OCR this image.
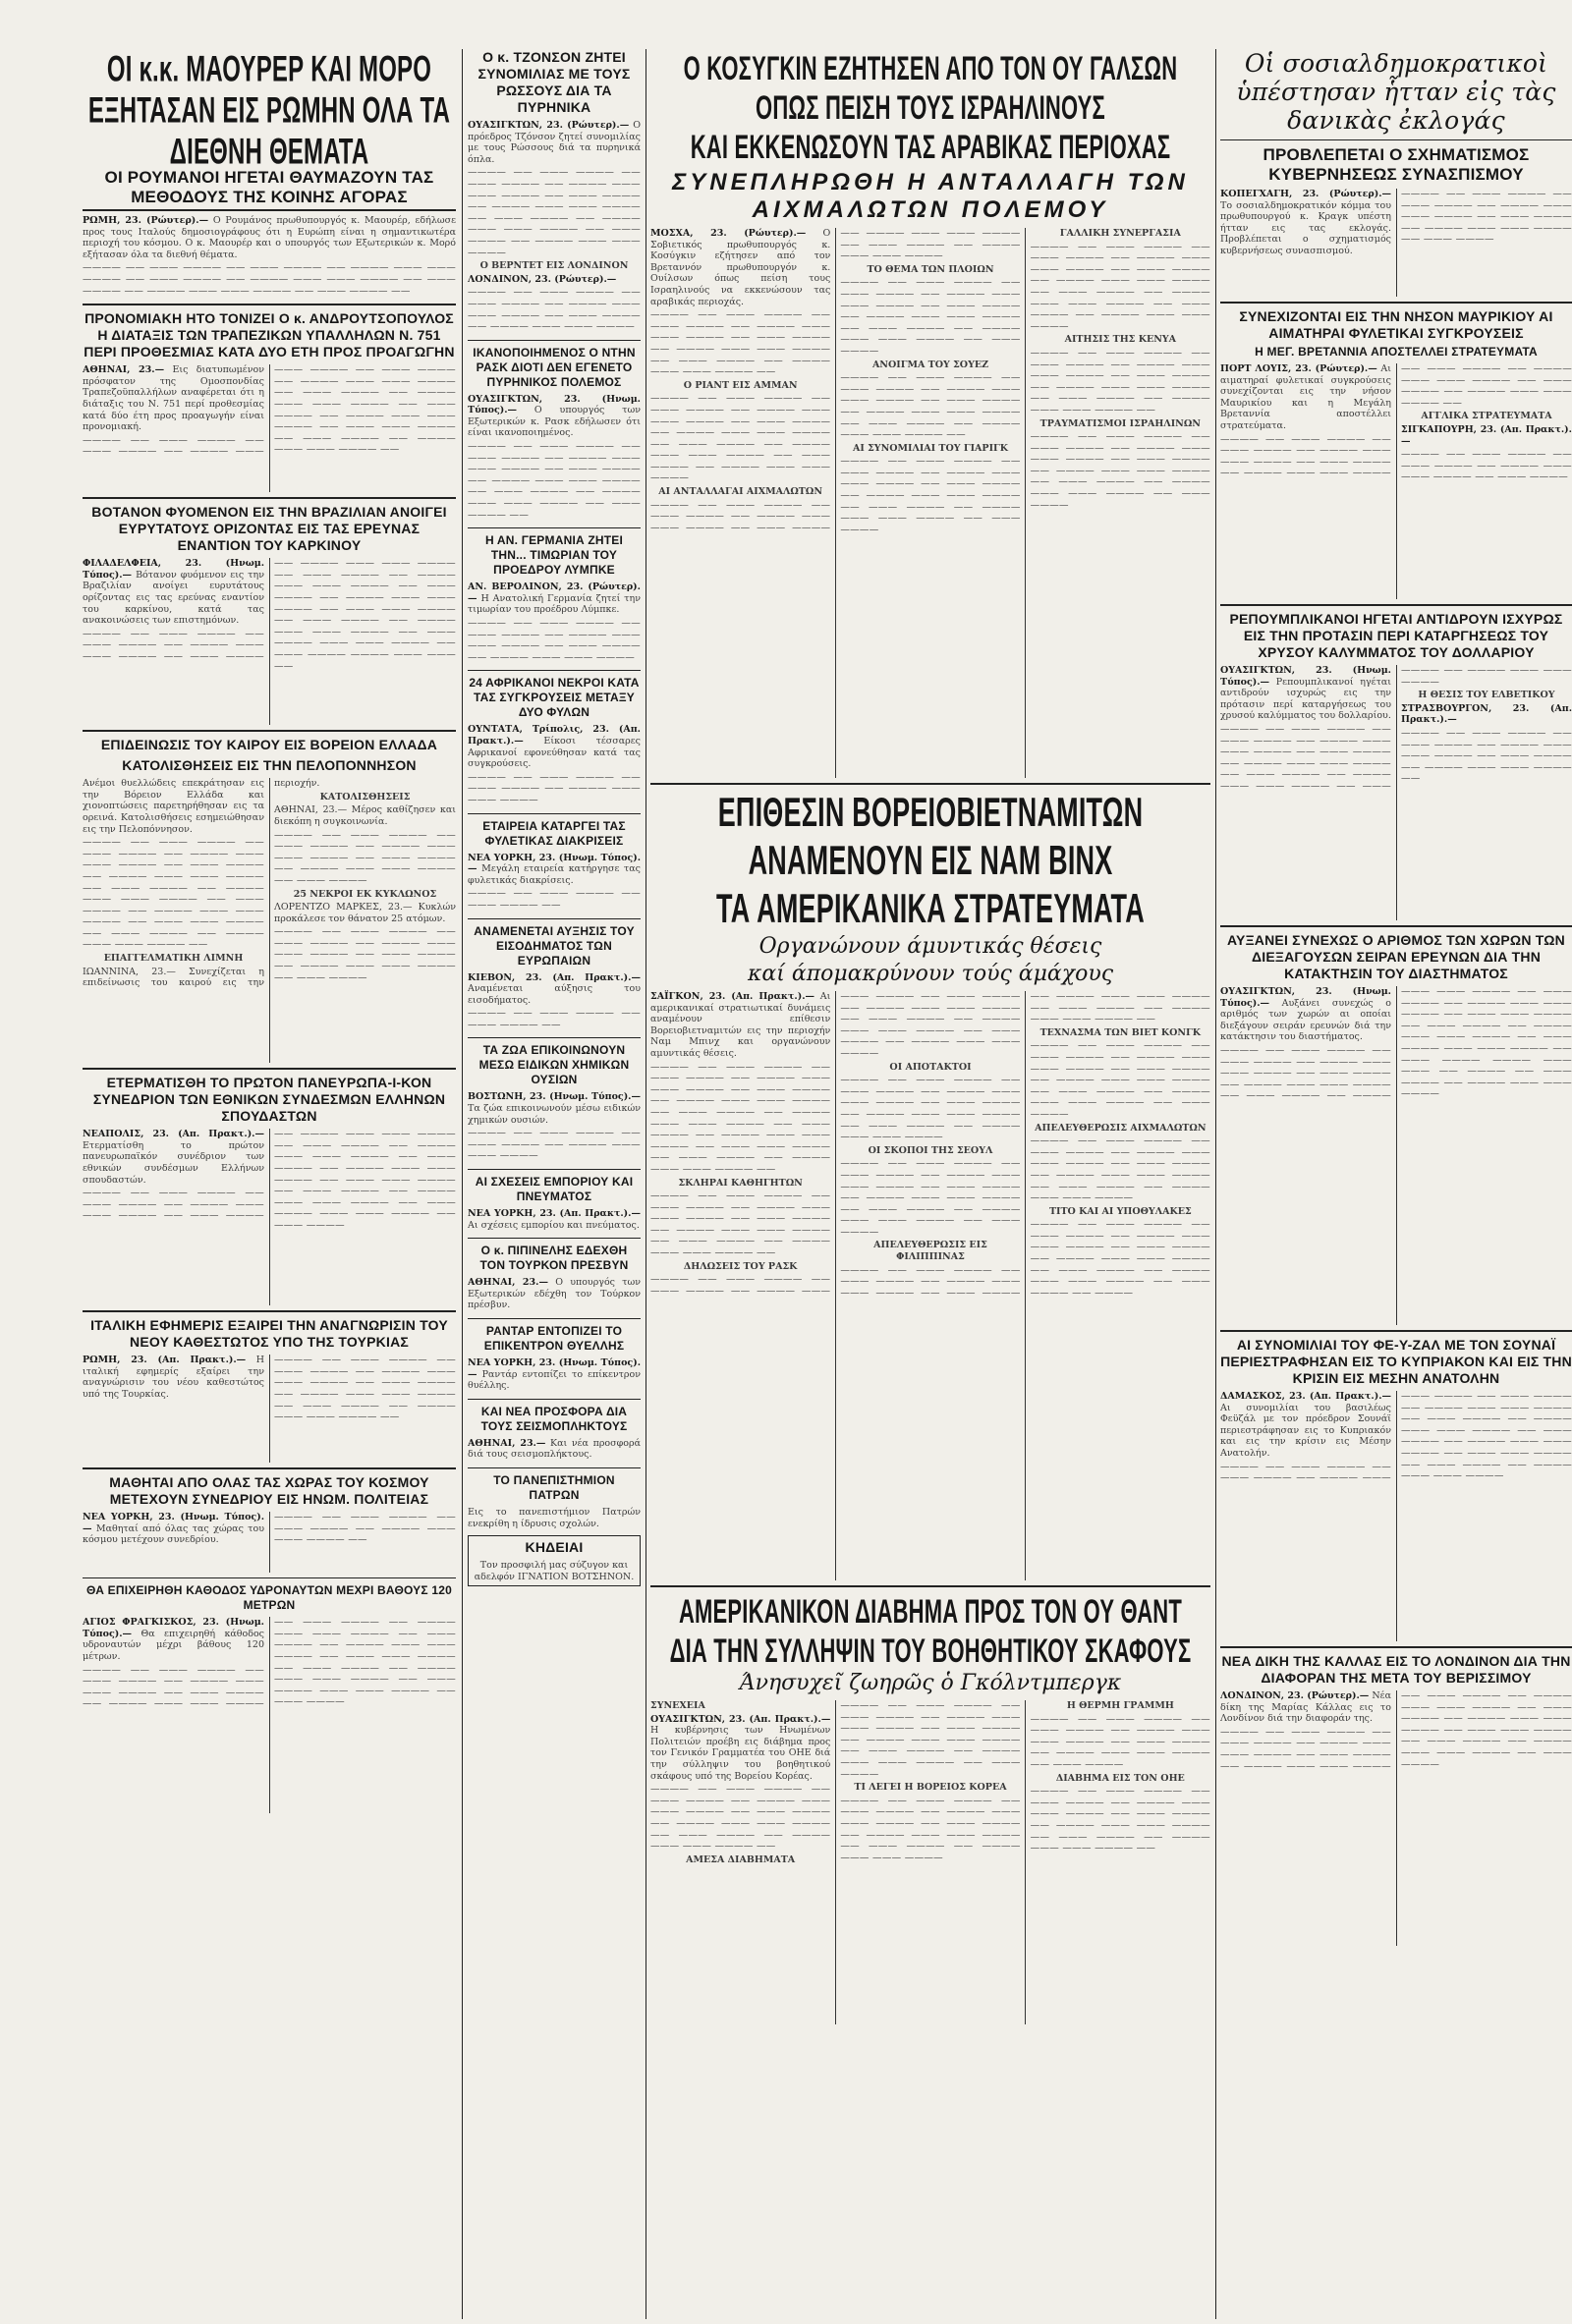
ΟΙ κ.κ. ΜΑΟΥΡΕΡ ΚΑΙ ΜΟΡΟ ΕΞΗΤΑΣΑΝ ΕΙΣ ΡΩΜΗΝ ΟΛΑ ΤΑ ΔΙΕΘΝΗ ΘΕΜΑΤΑ
ΟΙ ΡΟΥΜΑΝΟΙ ΗΓΕΤΑΙ ΘΑΥΜΑΖΟΥΝ ΤΑΣ ΜΕΘΟΔΟΥΣ ΤΗΣ ΚΟΙΝΗΣ ΑΓΟΡΑΣ

ΡΩΜΗ, 23. (Ρώυτερ).— Ο Ρουμάνος πρωθυπουργός κ. Μαουρέρ, εδήλωσε προς τους Ιταλούς δημοσιογράφους ότι η Ευρώπη είναι η σημαντικωτέρα περιοχή του κόσμου. Ο κ. Μαουρέρ και ο υπουργός των Εξωτερικών κ. Μορό εξήτασαν όλα τα διεθνή θέματα.

———— —— ——— ———— —— ——— ———— —— ———— ——— ——— ———— —— ——— ———— —— ———— ——— ——— ———— —— ——— ———— —— ———— ——— ——— ———— —— ——— ———— ——

ΠΡΟΝΟΜΙΑΚΗ ΗΤΟ ΤΟΝΙΖΕΙ Ο κ. ΑΝΔΡΟΥΤΣΟΠΟΥΛΟΣ Η ΔΙΑΤΑΞΙΣ ΤΩΝ ΤΡΑΠΕΖΙΚΩΝ ΥΠΑΛΛΗΛΩΝ Ν. 751 ΠΕΡΙ ΠΡΟΘΕΣΜΙΑΣ ΚΑΤΑ ΔΥΟ ΕΤΗ ΠΡΟΣ ΠΡΟΑΓΩΓΗΝ

ΑΘΗΝΑΙ, 23.— Εις διατυπωμένον πρόσφατον της Ομοσπονδίας Τραπεζοϋπαλλήλων αναφέρεται ότι η διάταξις του Ν. 751 περί προθεσμίας κατά δύο έτη προς προαγωγήν είναι προνομιακή.

———— —— ——— ———— —— ——— ———— —— ———— ——— ——— ———— —— ——— ———— —— ———— ——— ——— ———— —— ——— ———— —— ———— ——— ——— ———— —— ——— ———— —— ———— ——— ——— ———— —— ——— ——— ———— —— ——— ———— —— ———— ——— ——— ———— ——

ΒΟΤΑΝΟΝ ΦΥΟΜΕΝΟΝ ΕΙΣ ΤΗΝ ΒΡΑΖΙΛΙΑΝ ΑΝΟΙΓΕΙ ΕΥΡΥΤΑΤΟΥΣ ΟΡΙΖΟΝΤΑΣ ΕΙΣ ΤΑΣ ΕΡΕΥΝΑΣ ΕΝΑΝΤΙΟΝ ΤΟΥ ΚΑΡΚΙΝΟΥ

ΦΙΛΑΔΕΛΦΕΙΑ, 23. (Ηνωμ. Τύπος).— Βότανον φυόμενον εις την Βραζιλίαν ανοίγει ευρυτάτους ορίζοντας εις τας ερεύνας εναντίον του καρκίνου, κατά τας ανακοινώσεις των επιστημόνων.

———— —— ——— ———— —— ——— ———— —— ———— ——— ——— ———— —— ——— ———— —— ———— ——— ——— ———— —— ——— ———— —— ———— ——— ——— ———— —— ——— ———— —— ———— ——— ——— ———— —— ——— ——— ———— —— ——— ———— —— ———— ——— ——— ———— —— ——— ———— ——— ——— ———— —— ——— ———— ———— ——— ——— ——

ΕΠΙΔΕΙΝΩΣΙΣ ΤΟΥ ΚΑΙΡΟΥ ΕΙΣ ΒΟΡΕΙΟΝ ΕΛΛΑΔΑ
ΚΑΤΟΛΙΣΘΗΣΕΙΣ ΕΙΣ ΤΗΝ ΠΕΛΟΠΟΝΝΗΣΟΝ

Ανέμοι θυελλώδεις επεκράτησαν εις την Βόρειον Ελλάδα και χιονοπτώσεις παρετηρήθησαν εις τα ορεινά. Κατολισθήσεις εσημειώθησαν εις την Πελοπόννησον.

———— —— ——— ———— —— ——— ———— —— ———— ——— ——— ———— —— ——— ———— —— ———— ——— ——— ———— —— ——— ———— —— ———— ——— ——— ———— —— ——— ———— —— ———— ——— ——— ———— —— ——— ——— ———— —— ——— ———— —— ———— ——— ——— ———— ——

ΕΠΑΓΓΕΛΜΑΤΙΚΗ ΛΙΜΝΗ

ΙΩΑΝΝΙΝΑ, 23.— Συνεχίζεται η επιδείνωσις του καιρού εις την περιοχήν.

ΚΑΤΟΛΙΣΘΗΣΕΙΣ

ΑΘΗΝΑΙ, 23.— Μέρος καθίζησεν και διεκόπη η συγκοινωνία.

———— —— ——— ———— —— ——— ———— —— ———— ——— ——— ———— —— ——— ———— —— ———— ——— ——— ———— —— ——— ————

25 ΝΕΚΡΟΙ ΕΚ ΚΥΚΛΩΝΟΣ

ΛΟΡΕΝΤΖΟ ΜΑΡΚΕΣ, 23.— Κυκλών προκάλεσε τον θάνατον 25 ατόμων.

———— —— ——— ———— —— ——— ———— —— ———— ——— ——— ———— —— ——— ———— —— ———— ——— ——— ———— —— ——— ————

ΕΤΕΡΜΑΤΙΣΘΗ ΤΟ ΠΡΩΤΟΝ ΠΑΝΕΥΡΩΠΑ-Ι-ΚΟΝ ΣΥΝΕΔΡΙΟΝ ΤΩΝ ΕΘΝΙΚΩΝ ΣΥΝΔΕΣΜΩΝ ΕΛΛΗΝΩΝ ΣΠΟΥΔΑΣΤΩΝ

ΝΕΑΠΟΛΙΣ, 23. (Απ. Πρακτ.).— Ετερματίσθη το πρώτον πανευρωπαϊκόν συνέδριον των εθνικών συνδέσμων Ελλήνων σπουδαστών.

———— —— ——— ———— —— ——— ———— —— ———— ——— ——— ———— —— ——— ———— —— ———— ——— ——— ———— —— ——— ———— —— ———— ——— ——— ———— —— ——— ———— —— ———— ——— ——— ———— —— ——— ——— ———— —— ——— ———— —— ———— ——— ——— ———— —— ——— ———— ——— ——— ———— —— ——— ————

ΙΤΑΛΙΚΗ ΕΦΗΜΕΡΙΣ ΕΞΑΙΡΕΙ ΤΗΝ ΑΝΑΓΝΩΡΙΣΙΝ ΤΟΥ ΝΕΟΥ ΚΑΘΕΣΤΩΤΟΣ ΥΠΟ ΤΗΣ ΤΟΥΡΚΙΑΣ

ΡΩΜΗ, 23. (Απ. Πρακτ.).— Η ιταλική εφημερίς εξαίρει την αναγνώρισιν του νέου καθεστώτος υπό της Τουρκίας.

———— —— ——— ———— —— ——— ———— —— ———— ——— ——— ———— —— ——— ———— —— ———— ——— ——— ———— —— ——— ———— —— ———— ——— ——— ———— ——

ΜΑΘΗΤΑΙ ΑΠΟ ΟΛΑΣ ΤΑΣ ΧΩΡΑΣ ΤΟΥ ΚΟΣΜΟΥ ΜΕΤΕΧΟΥΝ ΣΥΝΕΔΡΙΟΥ ΕΙΣ ΗΝΩΜ. ΠΟΛΙΤΕΙΑΣ

ΝΕΑ ΥΟΡΚΗ, 23. (Ηνωμ. Τύπος).— Μαθηταί από όλας τας χώρας του κόσμου μετέχουν συνεδρίου.

———— —— ——— ———— —— ——— ———— —— ———— ——— ——— ———— ——

ΘΑ ΕΠΙΧΕΙΡΗΘΗ ΚΑΘΟΔΟΣ ΥΔΡΟΝΑΥΤΩΝ ΜΕΧΡΙ ΒΑΘΟΥΣ 120 ΜΕΤΡΩΝ

ΑΓΙΟΣ ΦΡΑΓΚΙΣΚΟΣ, 23. (Ηνωμ. Τύπος).— Θα επιχειρηθή κάθοδος υδροναυτών μέχρι βάθους 120 μέτρων.

———— —— ——— ———— —— ——— ———— —— ———— ——— ——— ———— —— ——— ———— —— ———— ——— ——— ———— —— ——— ———— —— ———— ——— ——— ———— —— ——— ———— —— ———— ——— ——— ———— —— ——— ——— ———— —— ——— ———— —— ———— ——— ——— ———— —— ——— ———— ——— ——— ———— —— ——— ————

Ο κ. ΤΖΟΝΣΟΝ ΖΗΤΕΙ ΣΥΝΟΜΙΛΙΑΣ ΜΕ ΤΟΥΣ ΡΩΣΣΟΥΣ ΔΙΑ ΤΑ ΠΥΡΗΝΙΚΑ

ΟΥΑΣΙΓΚΤΩΝ, 23. (Ρώυτερ).— Ο πρόεδρος Τζόνσον ζητεί συνομιλίας με τους Ρώσσους διά τα πυρηνικά όπλα.

———— —— ——— ———— —— ——— ———— —— ———— ——— ——— ———— —— ——— ———— —— ———— ——— ——— ———— —— ——— ———— —— ———— ——— ——— ———— —— ——— ———— —— ———— ——— ——— ————

Ο ΒΕΡΝΤΕΤ ΕΙΣ ΛΟΝΔΙΝΟΝ

ΛΟΝΔΙΝΟΝ, 23. (Ρώυτερ).—

———— —— ——— ———— —— ——— ———— —— ———— ——— ——— ———— —— ——— ———— —— ———— ——— ——— ————

ΙΚΑΝΟΠΟΙΗΜΕΝΟΣ Ο ΝΤΗΝ ΡΑΣΚ ΔΙΟΤΙ ΔΕΝ ΕΓΕΝΕΤΟ ΠΥΡΗΝΙΚΟΣ ΠΟΛΕΜΟΣ

ΟΥΑΣΙΓΚΤΩΝ, 23. (Ηνωμ. Τύπος).— Ο υπουργός των Εξωτερικών κ. Ρασκ εδήλωσεν ότι είναι ικανοποιημένος.

———— —— ——— ———— —— ——— ———— —— ———— ——— ——— ———— —— ——— ———— —— ———— ——— ——— ———— —— ——— ———— —— ———— ——— ——— ———— —— ——— ———— ——

Η ΑΝ. ΓΕΡΜΑΝΙΑ ΖΗΤΕΙ ΤΗΝ... ΤΙΜΩΡΙΑΝ ΤΟΥ ΠΡΟΕΔΡΟΥ ΛΥΜΠΚΕ

ΑΝ. ΒΕΡΟΛΙΝΟΝ, 23. (Ρώυτερ).— Η Ανατολική Γερμανία ζητεί την τιμωρίαν του προέδρου Λύμπκε.

———— —— ——— ———— —— ——— ———— —— ———— ——— ——— ———— —— ——— ———— —— ———— ——— ——— ————

24 ΑΦΡΙΚΑΝΟΙ ΝΕΚΡΟΙ ΚΑΤΑ ΤΑΣ ΣΥΓΚΡΟΥΣΕΙΣ ΜΕΤΑΞΥ ΔΥΟ ΦΥΛΩΝ

ΟΥΝΤΑΤΑ, Τρίπολις, 23. (Απ. Πρακτ.).— Είκοσι τέσσαρες Αφρικανοί εφονεύθησαν κατά τας συγκρούσεις.

———— —— ——— ———— —— ——— ———— —— ———— ——— ——— ————

ΕΤΑΙΡΕΙΑ ΚΑΤΑΡΓΕΙ ΤΑΣ ΦΥΛΕΤΙΚΑΣ ΔΙΑΚΡΙΣΕΙΣ

ΝΕΑ ΥΟΡΚΗ, 23. (Ηνωμ. Τύπος).— Μεγάλη εταιρεία κατήργησε τας φυλετικάς διακρίσεις.

———— —— ——— ———— —— ——— ———— ——

ΑΝΑΜΕΝΕΤΑΙ ΑΥΞΗΣΙΣ ΤΟΥ ΕΙΣΟΔΗΜΑΤΟΣ ΤΩΝ ΕΥΡΩΠΑΙΩΝ

ΚΙΕΒΟΝ, 23. (Απ. Πρακτ.).— Αναμένεται αύξησις του εισοδήματος.

———— —— ——— ———— —— ——— ———— ——

ΤΑ ΖΩΑ ΕΠΙΚΟΙΝΩΝΟΥΝ ΜΕΣΩ ΕΙΔΙΚΩΝ ΧΗΜΙΚΩΝ ΟΥΣΙΩΝ

ΒΟΣΤΩΝΗ, 23. (Ηνωμ. Τύπος).— Τα ζώα επικοινωνούν μέσω ειδικών χημικών ουσιών.

———— —— ——— ———— —— ——— ———— —— ———— ——— ——— ————

ΑΙ ΣΧΕΣΕΙΣ ΕΜΠΟΡΙΟΥ ΚΑΙ ΠΝΕΥΜΑΤΟΣ

ΝΕΑ ΥΟΡΚΗ, 23. (Απ. Πρακτ.).— Αι σχέσεις εμπορίου και πνεύματος.

Ο κ. ΠΙΠΙΝΕΛΗΣ ΕΔΕΧΘΗ ΤΟΝ ΤΟΥΡΚΟΝ ΠΡΕΣΒΥΝ

ΑΘΗΝΑΙ, 23.— Ο υπουργός των Εξωτερικών εδέχθη τον Τούρκον πρέσβυν.

ΡΑΝΤΑΡ ΕΝΤΟΠΙΖΕΙ ΤΟ ΕΠΙΚΕΝΤΡΟΝ ΘΥΕΛΛΗΣ

ΝΕΑ ΥΟΡΚΗ, 23. (Ηνωμ. Τύπος).— Ραντάρ εντοπίζει το επίκεντρον θυέλλης.

ΚΑΙ ΝΕΑ ΠΡΟΣΦΟΡΑ ΔΙΑ ΤΟΥΣ ΣΕΙΣΜΟΠΛΗΚΤΟΥΣ

ΑΘΗΝΑΙ, 23.— Και νέα προσφορά διά τους σεισμοπλήκτους.

ΤΟ ΠΑΝΕΠΙΣΤΗΜΙΟΝ ΠΑΤΡΩΝ

Εις το πανεπιστήμιον Πατρών ενεκρίθη η ίδρυσις σχολών.

ΚΗΔΕΙΑΙ
Τον προσφιλή μας σύζυγον και αδελφόν ΙΓΝΑΤΙΟΝ ΒΟΤΣΗΝΟΝ.
Ο ΚΟΣΥΓΚΙΝ ΕΖΗΤΗΣΕΝ ΑΠΟ ΤΟΝ ΟΥ ΓΑΛΣΩΝ
ΟΠΩΣ ΠΕΙΣΗ ΤΟΥΣ ΙΣΡΑΗΛΙΝΟΥΣ
ΚΑΙ ΕΚΚΕΝΩΣΟΥΝ ΤΑΣ ΑΡΑΒΙΚΑΣ ΠΕΡΙΟΧΑΣ
ΣΥΝΕΠΛΗΡΩΘΗ Η ΑΝΤΑΛΛΑΓΗ ΤΩΝ ΑΙΧΜΑΛΩΤΩΝ ΠΟΛΕΜΟΥ

ΜΟΣΧΑ, 23. (Ρώυτερ).— Ο Σοβιετικός πρωθυπουργός κ. Κοσύγκιν εζήτησεν από τον Βρεταννόν πρωθυπουργόν κ. Ουίλσων όπως πείση τους Ισραηλινούς να εκκενώσουν τας αραβικάς περιοχάς.

———— —— ——— ———— —— ——— ———— —— ———— ——— ——— ———— —— ——— ———— —— ———— ——— ——— ———— —— ——— ———— —— ———— ——— ——— ———— ——

Ο ΡΙΑΝΤ ΕΙΣ ΑΜΜΑΝ

———— —— ——— ———— —— ——— ———— —— ———— ——— ——— ———— —— ——— ———— —— ———— ——— ——— ———— —— ——— ———— —— ———— ——— ——— ———— —— ——— ———— —— ———— ——— ——— ————

ΑΙ ΑΝΤΑΛΛΑΓΑΙ ΑΙΧΜΑΛΩΤΩΝ

———— —— ——— ———— —— ——— ———— —— ———— ——— ——— ———— —— ——— ———— —— ———— ——— ——— ———— —— ——— ———— —— ———— ——— ——— ————

ΤΟ ΘΕΜΑ ΤΩΝ ΠΛΟΙΩΝ

———— —— ——— ———— —— ——— ———— —— ———— ——— ——— ———— —— ——— ———— —— ———— ——— ——— ———— —— ——— ———— —— ———— ——— ——— ———— —— ——— ————

ΑΝΟΙΓΜΑ ΤΟΥ ΣΟΥΕΖ

———— —— ——— ———— —— ——— ———— —— ———— ——— ——— ———— —— ——— ———— —— ———— ——— ——— ———— —— ——— ———— —— ———— ——— ——— ———— ——

ΑΙ ΣΥΝΟΜΙΛΙΑΙ ΤΟΥ ΓΙΑΡΙΓΚ

———— —— ——— ———— —— ——— ———— —— ———— ——— ——— ———— —— ——— ———— —— ———— ——— ——— ———— —— ——— ———— —— ———— ——— ——— ———— —— ——— ————

ΓΑΛΛΙΚΗ ΣΥΝΕΡΓΑΣΙΑ

———— —— ——— ———— —— ——— ———— —— ———— ——— ——— ———— —— ——— ———— —— ———— ——— ——— ———— —— ——— ———— —— ———— ——— ——— ———— —— ——— ———— —— ———— ——— ——— ————

ΑΙΤΗΣΙΣ ΤΗΣ ΚΕΝΥΑ

———— —— ——— ———— —— ——— ———— —— ———— ——— ——— ———— —— ——— ———— —— ———— ——— ——— ———— —— ——— ———— —— ———— ——— ——— ———— ——

ΤΡΑΥΜΑΤΙΣΜΟΙ ΙΣΡΑΗΛΙΝΩΝ

———— —— ——— ———— —— ——— ———— —— ———— ——— ——— ———— —— ——— ———— —— ———— ——— ——— ———— —— ——— ———— —— ———— ——— ——— ———— —— ——— ————

ΕΠΙΘΕΣΙΝ ΒΟΡΕΙΟΒΙΕΤΝΑΜΙΤΩΝ
ΑΝΑΜΕΝΟΥΝ ΕΙΣ ΝΑΜ ΒΙΝΧ
ΤΑ ΑΜΕΡΙΚΑΝΙΚΑ ΣΤΡΑΤΕΥΜΑΤΑ
Οργανώνουν άμυντικάς θέσεις
καί άπομακρύνουν τούς άμάχους

ΣΑΪΓΚΟΝ, 23. (Απ. Πρακτ.).— Αι αμερικανικαί στρατιωτικαί δυνάμεις αναμένουν επίθεσιν Βορειοβιετναμιτών εις την περιοχήν Ναμ Μπινχ και οργανώνουν αμυντικάς θέσεις.

———— —— ——— ———— —— ——— ———— —— ———— ——— ——— ———— —— ——— ———— —— ———— ——— ——— ———— —— ——— ———— —— ———— ——— ——— ———— —— ——— ———— —— ———— ——— ——— ———— —— ——— ——— ———— —— ——— ———— —— ———— ——— ——— ———— ——

ΣΚΛΗΡΑΙ ΚΑΘΗΓΗΤΩΝ

———— —— ——— ———— —— ——— ———— —— ———— ——— ——— ———— —— ——— ———— —— ———— ——— ——— ———— —— ——— ———— —— ———— ——— ——— ———— ——

ΔΗΛΩΣΕΙΣ ΤΟΥ ΡΑΣΚ

———— —— ——— ———— —— ——— ———— —— ———— ——— ——— ———— —— ——— ———— —— ———— ——— ——— ———— —— ——— ———— —— ———— ——— ——— ———— —— ——— ———— —— ———— ——— ——— ————

ΟΙ ΑΠΟΤΑΚΤΟΙ

———— —— ——— ———— —— ——— ———— —— ———— ——— ——— ———— —— ——— ———— —— ———— ——— ——— ———— —— ——— ———— —— ———— ——— ——— ————

ΟΙ ΣΚΟΠΟΙ ΤΗΣ ΣΕΟΥΛ

———— —— ——— ———— —— ——— ———— —— ———— ——— ——— ———— —— ——— ———— —— ———— ——— ——— ———— —— ——— ———— —— ———— ——— ——— ———— —— ——— ————

ΑΠΕΛΕΥΘΕΡΩΣΙΣ ΕΙΣ ΦΙΛΙΠΠΙΝΑΣ

———— —— ——— ———— —— ——— ———— —— ———— ——— ——— ———— —— ——— ———— —— ———— ——— ——— ———— —— ——— ———— —— ———— ——— ——— ———— ——

ΤΕΧΝΑΣΜΑ ΤΩΝ ΒΙΕΤ ΚΟΝΓΚ

———— —— ——— ———— —— ——— ———— —— ———— ——— ——— ———— —— ——— ———— —— ———— ——— ——— ———— —— ——— ———— —— ———— ——— ——— ———— —— ——— ————

ΑΠΕΛΕΥΘΕΡΩΣΙΣ ΑΙΧΜΑΛΩΤΩΝ

———— —— ——— ———— —— ——— ———— —— ———— ——— ——— ———— —— ——— ———— —— ———— ——— ——— ———— —— ——— ———— —— ———— ——— ——— ————

ΤΙΤΟ ΚΑΙ ΑΙ ΥΠΟΘΥΛΑΚΕΣ

———— —— ——— ———— —— ——— ———— —— ———— ——— ——— ———— —— ——— ———— —— ———— ——— ——— ———— —— ——— ———— —— ———— ——— ——— ———— —— ——— ———— —— ————

ΑΜΕΡΙΚΑΝΙΚΟΝ ΔΙΑΒΗΜΑ ΠΡΟΣ ΤΟΝ ΟΥ ΘΑΝΤ
ΔΙΑ ΤΗΝ ΣΥΛΛΗΨΙΝ ΤΟΥ ΒΟΗΘΗΤΙΚΟΥ ΣΚΑΦΟΥΣ
Άνησυχεῖ ζωηρῶς ὁ Γκόλντμπεργκ

ΣΥΝΕΧΕΙΑ

ΟΥΑΣΙΓΚΤΩΝ, 23. (Απ. Πρακτ.).— Η κυβέρνησις των Ηνωμένων Πολιτειών προέβη εις διάβημα προς τον Γενικόν Γραμματέα του ΟΗΕ διά την σύλληψιν του βοηθητικού σκάφους υπό της Βορείου Κορέας.

———— —— ——— ———— —— ——— ———— —— ———— ——— ——— ———— —— ——— ———— —— ———— ——— ——— ———— —— ——— ———— —— ———— ——— ——— ———— ——

ΑΜΕΣΑ ΔΙΑΒΗΜΑΤΑ

———— —— ——— ———— —— ——— ———— —— ———— ——— ——— ———— —— ——— ———— —— ———— ——— ——— ———— —— ——— ———— —— ———— ——— ——— ———— —— ——— ————

ΤΙ ΛΕΓΕΙ Η ΒΟΡΕΙΟΣ ΚΟΡΕΑ

———— —— ——— ———— —— ——— ———— —— ———— ——— ——— ———— —— ——— ———— —— ———— ——— ——— ———— —— ——— ———— —— ———— ——— ——— ————

Η ΘΕΡΜΗ ΓΡΑΜΜΗ

———— —— ——— ———— —— ——— ———— —— ———— ——— ——— ———— —— ——— ———— —— ———— ——— ——— ———— —— ——— ————

ΔΙΑΒΗΜΑ ΕΙΣ ΤΟΝ ΟΗΕ

———— —— ——— ———— —— ——— ———— —— ———— ——— ——— ———— —— ——— ———— —— ———— ——— ——— ———— —— ——— ———— —— ———— ——— ——— ———— ——

Οἱ σοσιαλδημοκρατικοὶ ὑπέστησαν ἧτταν εἰς τὰς δανικὰς ἐκλογάς
ΠΡΟΒΛΕΠΕΤΑΙ Ο ΣΧΗΜΑΤΙΣΜΟΣ ΚΥΒΕΡΝΗΣΕΩΣ ΣΥΝΑΣΠΙΣΜΟΥ

ΚΟΠΕΓΧΑΓΗ, 23. (Ρώυτερ).— Το σοσιαλδημοκρατικόν κόμμα του πρωθυπουργού κ. Κραγκ υπέστη ήτταν εις τας εκλογάς. Προβλέπεται ο σχηματισμός κυβερνήσεως συνασπισμού.

———— —— ——— ———— —— ——— ———— —— ———— ——— ——— ———— —— ——— ———— —— ———— ——— ——— ———— —— ——— ————

ΣΥΝΕΧΙΖΟΝΤΑΙ ΕΙΣ ΤΗΝ ΝΗΣΟΝ ΜΑΥΡΙΚΙΟΥ ΑΙ ΑΙΜΑΤΗΡΑΙ ΦΥΛΕΤΙΚΑΙ ΣΥΓΚΡΟΥΣΕΙΣ
Η ΜΕΓ. ΒΡΕΤΑΝΝΙΑ ΑΠΟΣΤΕΛΛΕΙ ΣΤΡΑΤΕΥΜΑΤΑ

ΠΟΡΤ ΛΟΥΙΣ, 23. (Ρώυτερ).— Αι αιματηραί φυλετικαί συγκρούσεις συνεχίζονται εις την νήσον Μαυρικίου και η Μεγάλη Βρεταννία αποστέλλει στρατεύματα.

———— —— ——— ———— —— ——— ———— —— ———— ——— ——— ———— —— ——— ———— —— ———— ——— ——— ———— —— ——— ———— —— ———— ——— ——— ———— —— ——— ———— —— ———— ——— ——— ———— ——

ΑΓΓΛΙΚΑ ΣΤΡΑΤΕΥΜΑΤΑ

ΣΙΓΚΑΠΟΥΡΗ, 23. (Απ. Πρακτ.).—

———— —— ——— ———— —— ——— ———— —— ———— ——— ——— ———— —— ——— ————

ΡΕΠΟΥΜΠΛΙΚΑΝΟΙ ΗΓΕΤΑΙ ΑΝΤΙΔΡΟΥΝ ΙΣΧΥΡΩΣ ΕΙΣ ΤΗΝ ΠΡΟΤΑΣΙΝ ΠΕΡΙ ΚΑΤΑΡΓΗΣΕΩΣ ΤΟΥ ΧΡΥΣΟΥ ΚΑΛΥΜΜΑΤΟΣ ΤΟΥ ΔΟΛΛΑΡΙΟΥ

ΟΥΑΣΙΓΚΤΩΝ, 23. (Ηνωμ. Τύπος).— Ρεπουμπλικανοί ηγέται αντιδρούν ισχυρώς εις την πρότασιν περί καταργήσεως του χρυσού καλύμματος του δολλαρίου.

———— —— ——— ———— —— ——— ———— —— ———— ——— ——— ———— —— ——— ———— —— ———— ——— ——— ———— —— ——— ———— —— ———— ——— ——— ———— —— ——— ———— —— ———— ——— ——— ————

Η ΘΕΣΙΣ ΤΟΥ ΕΛΒΕΤΙΚΟΥ

ΣΤΡΑΣΒΟΥΡΓΟΝ, 23. (Απ. Πρακτ.).—

———— —— ——— ———— —— ——— ———— —— ———— ——— ——— ———— —— ——— ———— —— ———— ——— ——— ———— ——

ΑΥΞΑΝΕΙ ΣΥΝΕΧΩΣ Ο ΑΡΙΘΜΟΣ ΤΩΝ ΧΩΡΩΝ ΤΩΝ ΔΙΕΞΑΓΟΥΣΩΝ ΣΕΙΡΑΝ ΕΡΕΥΝΩΝ ΔΙΑ ΤΗΝ ΚΑΤΑΚΤΗΣΙΝ ΤΟΥ ΔΙΑΣΤΗΜΑΤΟΣ

ΟΥΑΣΙΓΚΤΩΝ, 23. (Ηνωμ. Τύπος).— Αυξάνει συνεχώς ο αριθμός των χωρών αι οποίαι διεξάγουν σειράν ερευνών διά την κατάκτησιν του διαστήματος.

———— —— ——— ———— —— ——— ———— —— ———— ——— ——— ———— —— ——— ———— —— ———— ——— ——— ———— —— ——— ———— —— ———— ——— ——— ———— —— ——— ———— —— ———— ——— ——— ———— —— ——— ——— ———— —— ——— ———— —— ———— ——— ——— ———— —— ——— ———— ——— ——— ———— —— ——— ———— ———— ——— ——— —— ———— —— ——— ———— —— ———— ——— ——— ————

ΑΙ ΣΥΝΟΜΙΛΙΑΙ ΤΟΥ ΦΕ-Υ-ΖΑΛ ΜΕ ΤΟΝ ΣΟΥΝΑΪ ΠΕΡΙΕΣΤΡΑΦΗΣΑΝ ΕΙΣ ΤΟ ΚΥΠΡΙΑΚΟΝ ΚΑΙ ΕΙΣ ΤΗΝ ΚΡΙΣΙΝ ΕΙΣ ΜΕΣΗΝ ΑΝΑΤΟΛΗΝ

ΔΑΜΑΣΚΟΣ, 23. (Απ. Πρακτ.).— Αι συνομιλίαι του βασιλέως Φεϋζάλ με τον πρόεδρον Σουνάϊ περιεστράφησαν εις το Κυπριακόν και εις την κρίσιν εις Μέσην Ανατολήν.

———— —— ——— ———— —— ——— ———— —— ———— ——— ——— ———— —— ——— ———— —— ———— ——— ——— ———— —— ——— ———— —— ———— ——— ——— ———— —— ——— ———— —— ———— ——— ——— ———— —— ——— ——— ———— —— ——— ———— —— ———— ——— ——— ————

ΝΕΑ ΔΙΚΗ ΤΗΣ ΚΑΛΛΑΣ ΕΙΣ ΤΟ ΛΟΝΔΙΝΟΝ ΔΙΑ ΤΗΝ ΔΙΑΦΟΡΑΝ ΤΗΣ ΜΕΤΑ ΤΟΥ ΒΕΡΙΣΣΙΜΟΥ

ΛΟΝΔΙΝΟΝ, 23. (Ρώυτερ).— Νέα δίκη της Μαρίας Κάλλας εις το Λονδίνον διά την διαφοράν της.

———— —— ——— ———— —— ——— ———— —— ———— ——— ——— ———— —— ——— ———— —— ———— ——— ——— ———— —— ——— ———— —— ———— ——— ——— ———— —— ——— ———— —— ———— ——— ——— ———— —— ——— ——— ———— —— ——— ———— —— ———— ——— ——— ———— —— ——— ————
